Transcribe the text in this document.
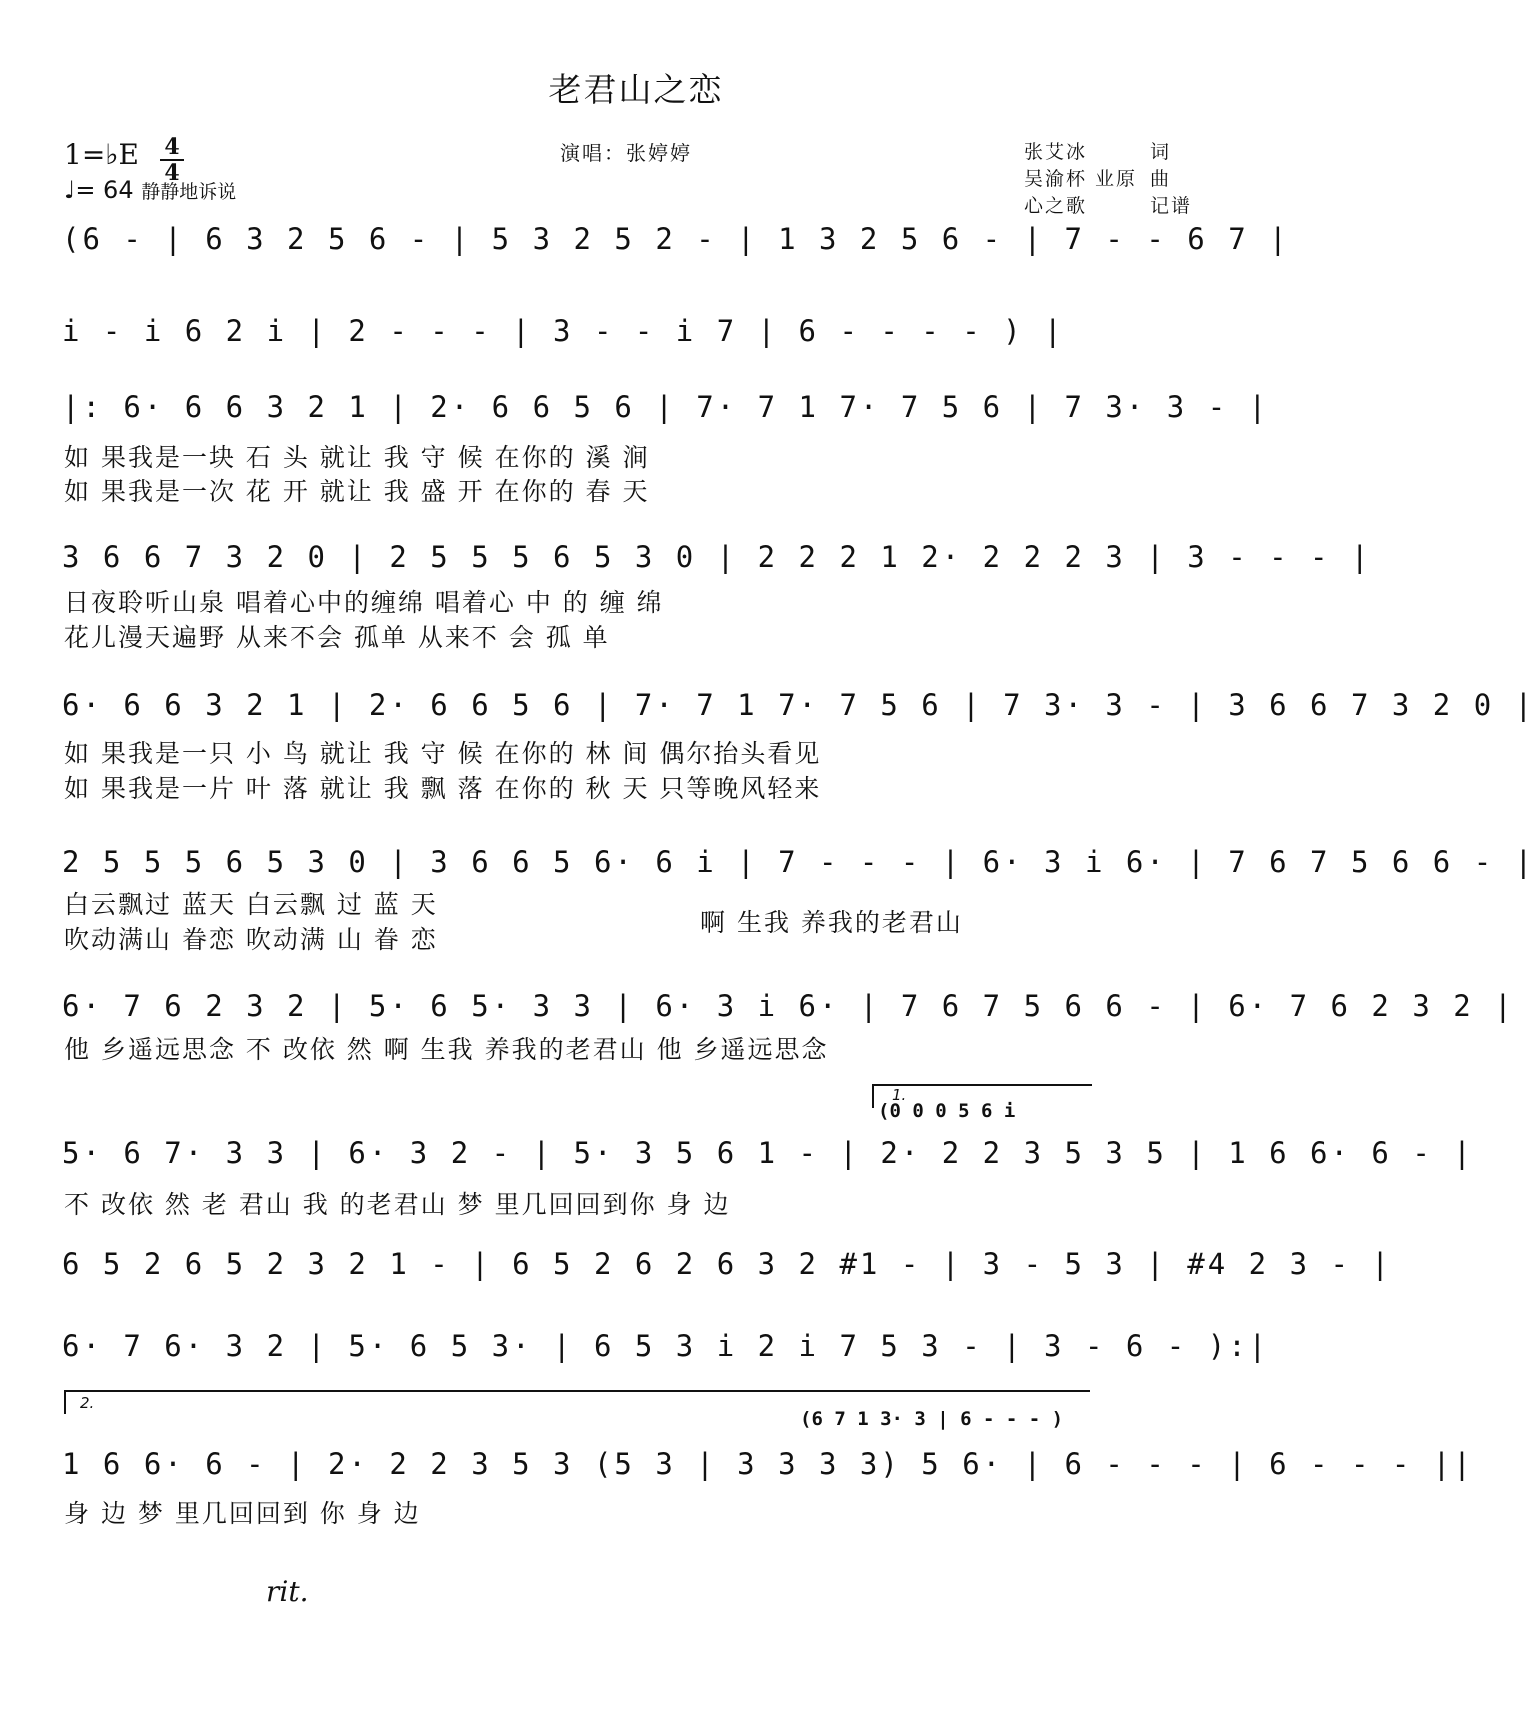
老君山之恋
1=♭E 4
4
♩= 64 静静地诉说
演唱：张婷婷	张艾冰	词
吴渝杯 业原 曲
心之歌	记谱
(6 - | 6 3 2 5 6 - | 5 3 2 5 2 - | 1 3 2 5 6 - | 7 - - 6 7 |
i - i 6 2 i | 2 - - - | 3 - - i 7 | 6 - - - - ) |
|: 6· 6 6 3 2 1 | 2· 6 6 5 6 | 7· 7 1 7· 7 5 6 | 7 3· 3 - |
如 果我是一块 石 头 就让 我 守 候 在你的 溪 涧
如 果我是一次 花 开 就让 我 盛 开 在你的 春 天
3 6 6 7 3 2 0 | 2 5 5 5 6 5 3 0 | 2 2 2 1 2· 2 2 2 3 | 3 - - - |
日夜聆听山泉 唱着心中的缠绵 唱着心 中 的 缠 绵
花儿漫天遍野 从来不会 孤单 从来不 会 孤 单
6· 6 6 3 2 1 | 2· 6 6 5 6 | 7· 7 1 7· 7 5 6 | 7 3· 3 - | 3 6 6 7 3 2 0 |
如 果我是一只 小 鸟 就让 我 守 候 在你的 林 间 偶尔抬头看见
如 果我是一片 叶 落 就让 我 飘 落 在你的 秋 天 只等晚风轻来
2 5 5 5 6 5 3 0 | 3 6 6 5 6· 6 i | 7 - - - | 6· 3 i 6· | 7 6 7 5 6 6 - |
白云飘过 蓝天 白云飘 过 蓝 天
吹动满山 眷恋 吹动满 山 眷 恋
啊 生我 养我的老君山
6· 7 6 2 3 2 | 5· 6 5· 3 3 | 6· 3 i 6· | 7 6 7 5 6 6 - | 6· 7 6 2 3 2 |
他 乡遥远思念 不 改依 然 啊 生我 养我的老君山 他 乡遥远思念
1.
(0 0 0 5 6 i
5· 6 7· 3 3 | 6· 3 2 - | 5· 3 5 6 1 - | 2· 2 2 3 5 3 5 | 1 6 6· 6 - |
不 改依 然 老 君山 我 的老君山 梦 里几回回到你 身 边
6 5 2 6 5 2 3 2 1 - | 6 5 2 6 2 6 3 2 #1 - | 3 - 5 3 | #4 2 3 - |
6· 7 6· 3 2 | 5· 6 5 3· | 6 5 3 i 2 i 7 5 3 - | 3 - 6 - ):|
2.
(6 7 1 3· 3 | 6 - - - )
rit.
1 6 6· 6 - | 2· 2 2 3 5 3 (5 3 | 3 3 3 3) 5 6· | 6 - - - | 6 - - - ||
身 边 梦 里几回回到 你 身 边
